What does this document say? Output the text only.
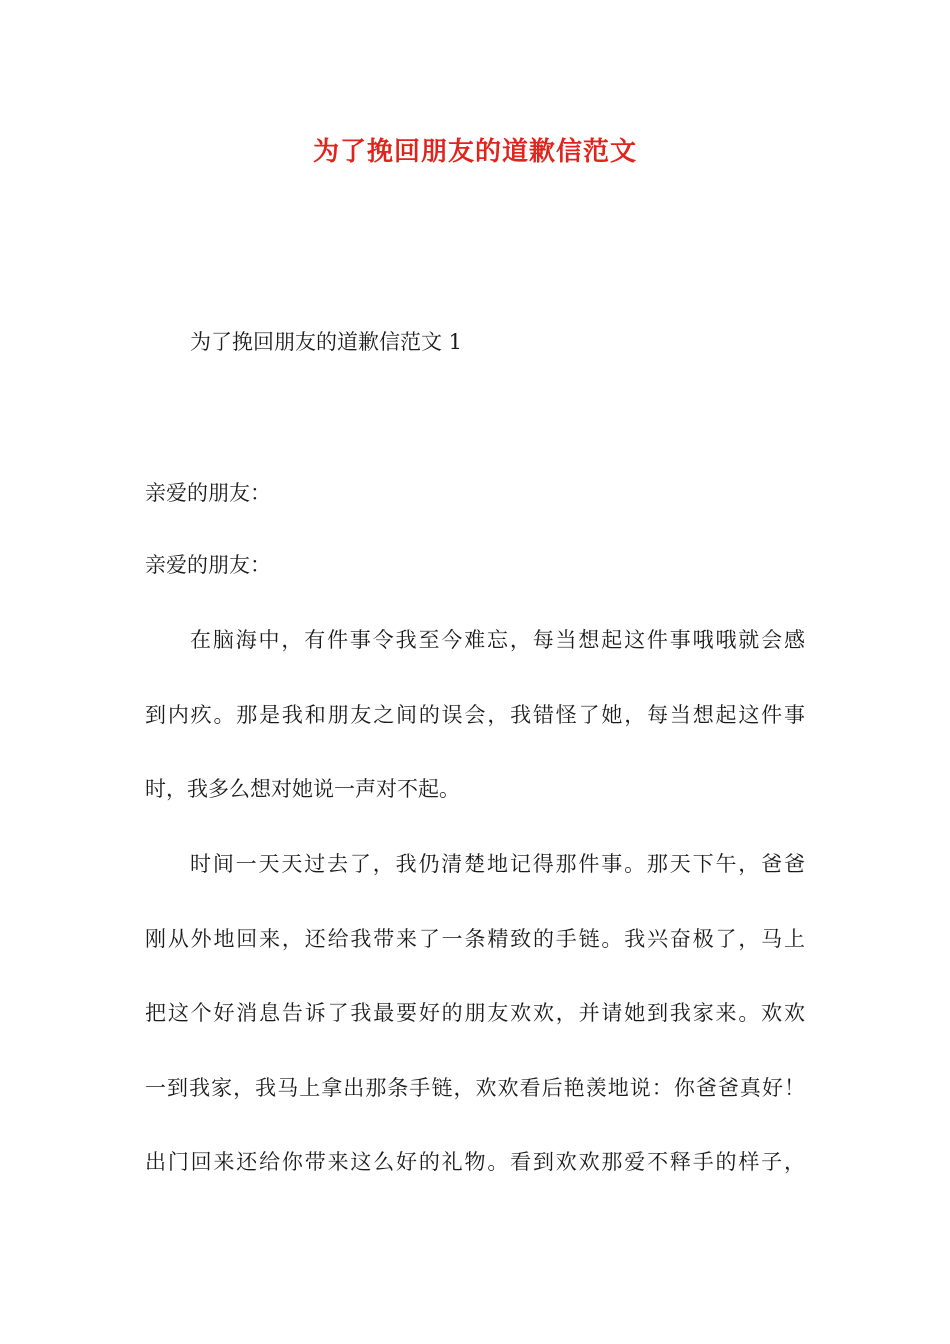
为了挽回朋友的道歉信范文
为了挽回朋友的道歉信范文 1
亲爱的朋友：
亲爱的朋友：
在脑海中，有件事令我至今难忘，每当想起这件事哦哦就会感
到内疚。那是我和朋友之间的误会，我错怪了她，每当想起这件事
时，我多么想对她说一声对不起。
时间一天天过去了，我仍清楚地记得那件事。那天下午，爸爸
刚从外地回来，还给我带来了一条精致的手链。我兴奋极了，马上
把这个好消息告诉了我最要好的朋友欢欢，并请她到我家来。欢欢
一到我家，我马上拿出那条手链，欢欢看后艳羡地说：你爸爸真好！
出门回来还给你带来这么好的礼物。看到欢欢那爱不释手的样子，
